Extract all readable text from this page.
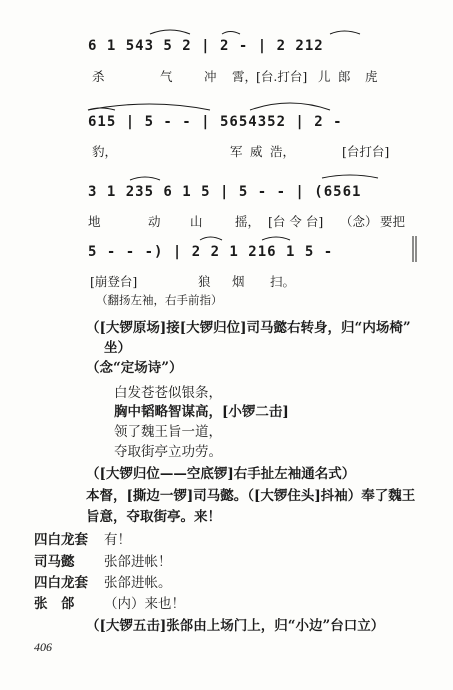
6 1 543 5 2 | 2 - | 2 212
杀	气	冲 霄，
[台.打台] 儿 郎 虎
615 | 5 - - | 5654352 | 2 -
豹，	军 威 浩，	[台打台]
3 1 235 6 1 5 | 5 - - | (6561
地	动 山	摇， [台 令 台] （念） 要把
5 - - -) | 2 2 1 216 1 5 -
[崩登台]	狼 烟 扫。
（翻扬左袖，右手前指）
（[大锣原场]接[大锣归位]司马懿右转身，归“内场椅”
坐）
（念“定场诗”）
白发苍苍似银条，
胸中韬略智谋高，[小锣二击]
领了魏王旨一道，
夺取街亭立功劳。
（[大锣归位——空底锣]右手扯左袖通名式）
本督，[撕边一锣]司马懿。（[大锣住头]抖袖）奉了魏王
旨意，夺取街亭。来！
四白龙套 有！
司马懿 张郃进帐！
四白龙套 张郃进帐。
张　郃 （内）来也！
（[大锣五击]张郃由上场门上，归“小边”台口立）
406
